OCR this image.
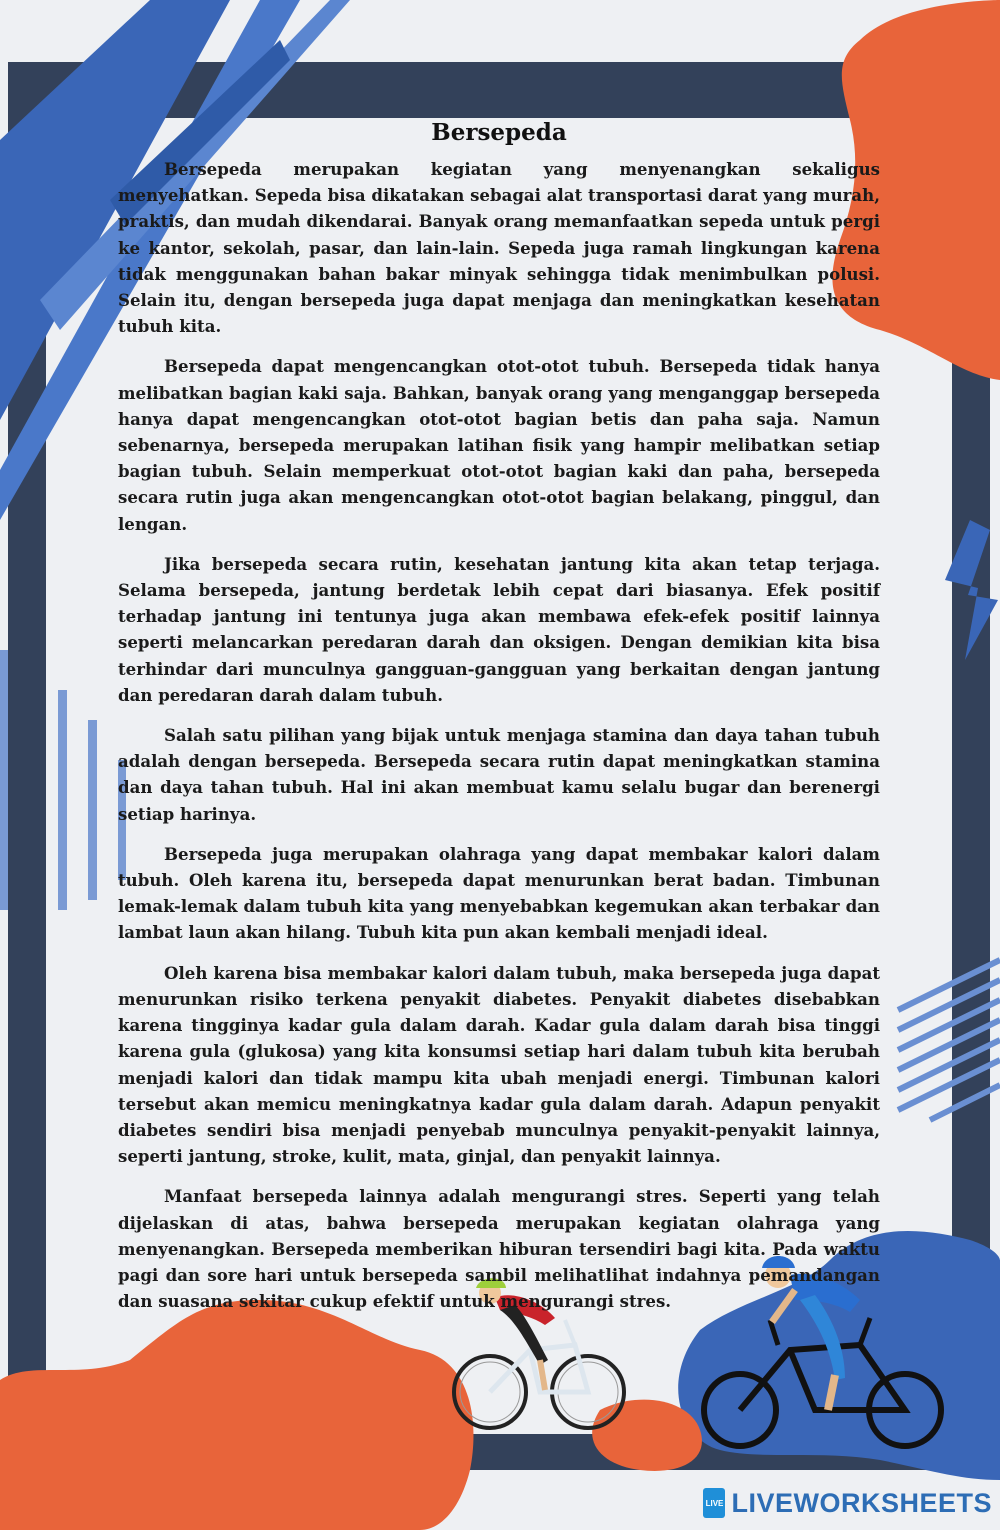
Bersepeda

Bersepeda merupakan kegiatan yang menyenangkan sekaligus menyehatkan. Sepeda bisa dikatakan sebagai alat transportasi darat yang murah, praktis, dan mudah dikendarai. Banyak orang memanfaatkan sepeda untuk pergi ke kantor, sekolah, pasar, dan lain-lain. Sepeda juga ramah lingkungan karena tidak menggunakan bahan bakar minyak sehingga tidak menimbulkan polusi. Selain itu, dengan bersepeda juga dapat menjaga dan meningkatkan kesehatan tubuh kita.

Bersepeda dapat mengencangkan otot-otot tubuh. Bersepeda tidak hanya melibatkan bagian kaki saja. Bahkan, banyak orang yang menganggap bersepeda hanya dapat mengencangkan otot-otot bagian betis dan paha saja. Namun sebenarnya, bersepeda merupakan latihan fisik yang hampir melibatkan setiap bagian tubuh. Selain memperkuat otot-otot bagian kaki dan paha, bersepeda secara rutin juga akan mengencangkan otot-otot bagian belakang, pinggul, dan lengan.

Jika bersepeda secara rutin, kesehatan jantung kita akan tetap terjaga. Selama bersepeda, jantung berdetak lebih cepat dari biasanya. Efek positif terhadap jantung ini tentunya juga akan membawa efek-efek positif lainnya seperti melancarkan peredaran darah dan oksigen. Dengan demikian kita bisa terhindar dari munculnya gangguan-gangguan yang berkaitan dengan jantung dan peredaran darah dalam tubuh.

Salah satu pilihan yang bijak untuk menjaga stamina dan daya tahan tubuh adalah dengan bersepeda. Bersepeda secara rutin dapat meningkatkan stamina dan daya tahan tubuh. Hal ini akan membuat kamu selalu bugar dan berenergi setiap harinya.

Bersepeda juga merupakan olahraga yang dapat membakar kalori dalam tubuh. Oleh karena itu, bersepeda dapat menurunkan berat badan. Timbunan lemak-lemak dalam tubuh kita yang menyebabkan kegemukan akan terbakar dan lambat laun akan hilang. Tubuh kita pun akan kembali menjadi ideal.

Oleh karena bisa membakar kalori dalam tubuh, maka bersepeda juga dapat menurunkan risiko terkena penyakit diabetes. Penyakit diabetes disebabkan karena tingginya kadar gula dalam darah. Kadar gula dalam darah bisa tinggi karena gula (glukosa) yang kita konsumsi setiap hari dalam tubuh kita berubah menjadi kalori dan tidak mampu kita ubah menjadi energi. Timbunan kalori tersebut akan memicu meningkatnya kadar gula dalam darah. Adapun penyakit diabetes sendiri bisa menjadi penyebab munculnya penyakit-penyakit lainnya, seperti jantung, stroke, kulit, mata, ginjal, dan penyakit lainnya.

Manfaat bersepeda lainnya adalah mengurangi stres. Seperti yang telah dijelaskan di atas, bahwa bersepeda merupakan kegiatan olahraga yang menyenangkan. Bersepeda memberikan hiburan tersendiri bagi kita. Pada waktu pagi dan sore hari untuk bersepeda sambil melihatlihat indahnya pemandangan dan suasana sekitar cukup efektif untuk mengurangi stres.

LIVE LIVEWORKSHEETS
